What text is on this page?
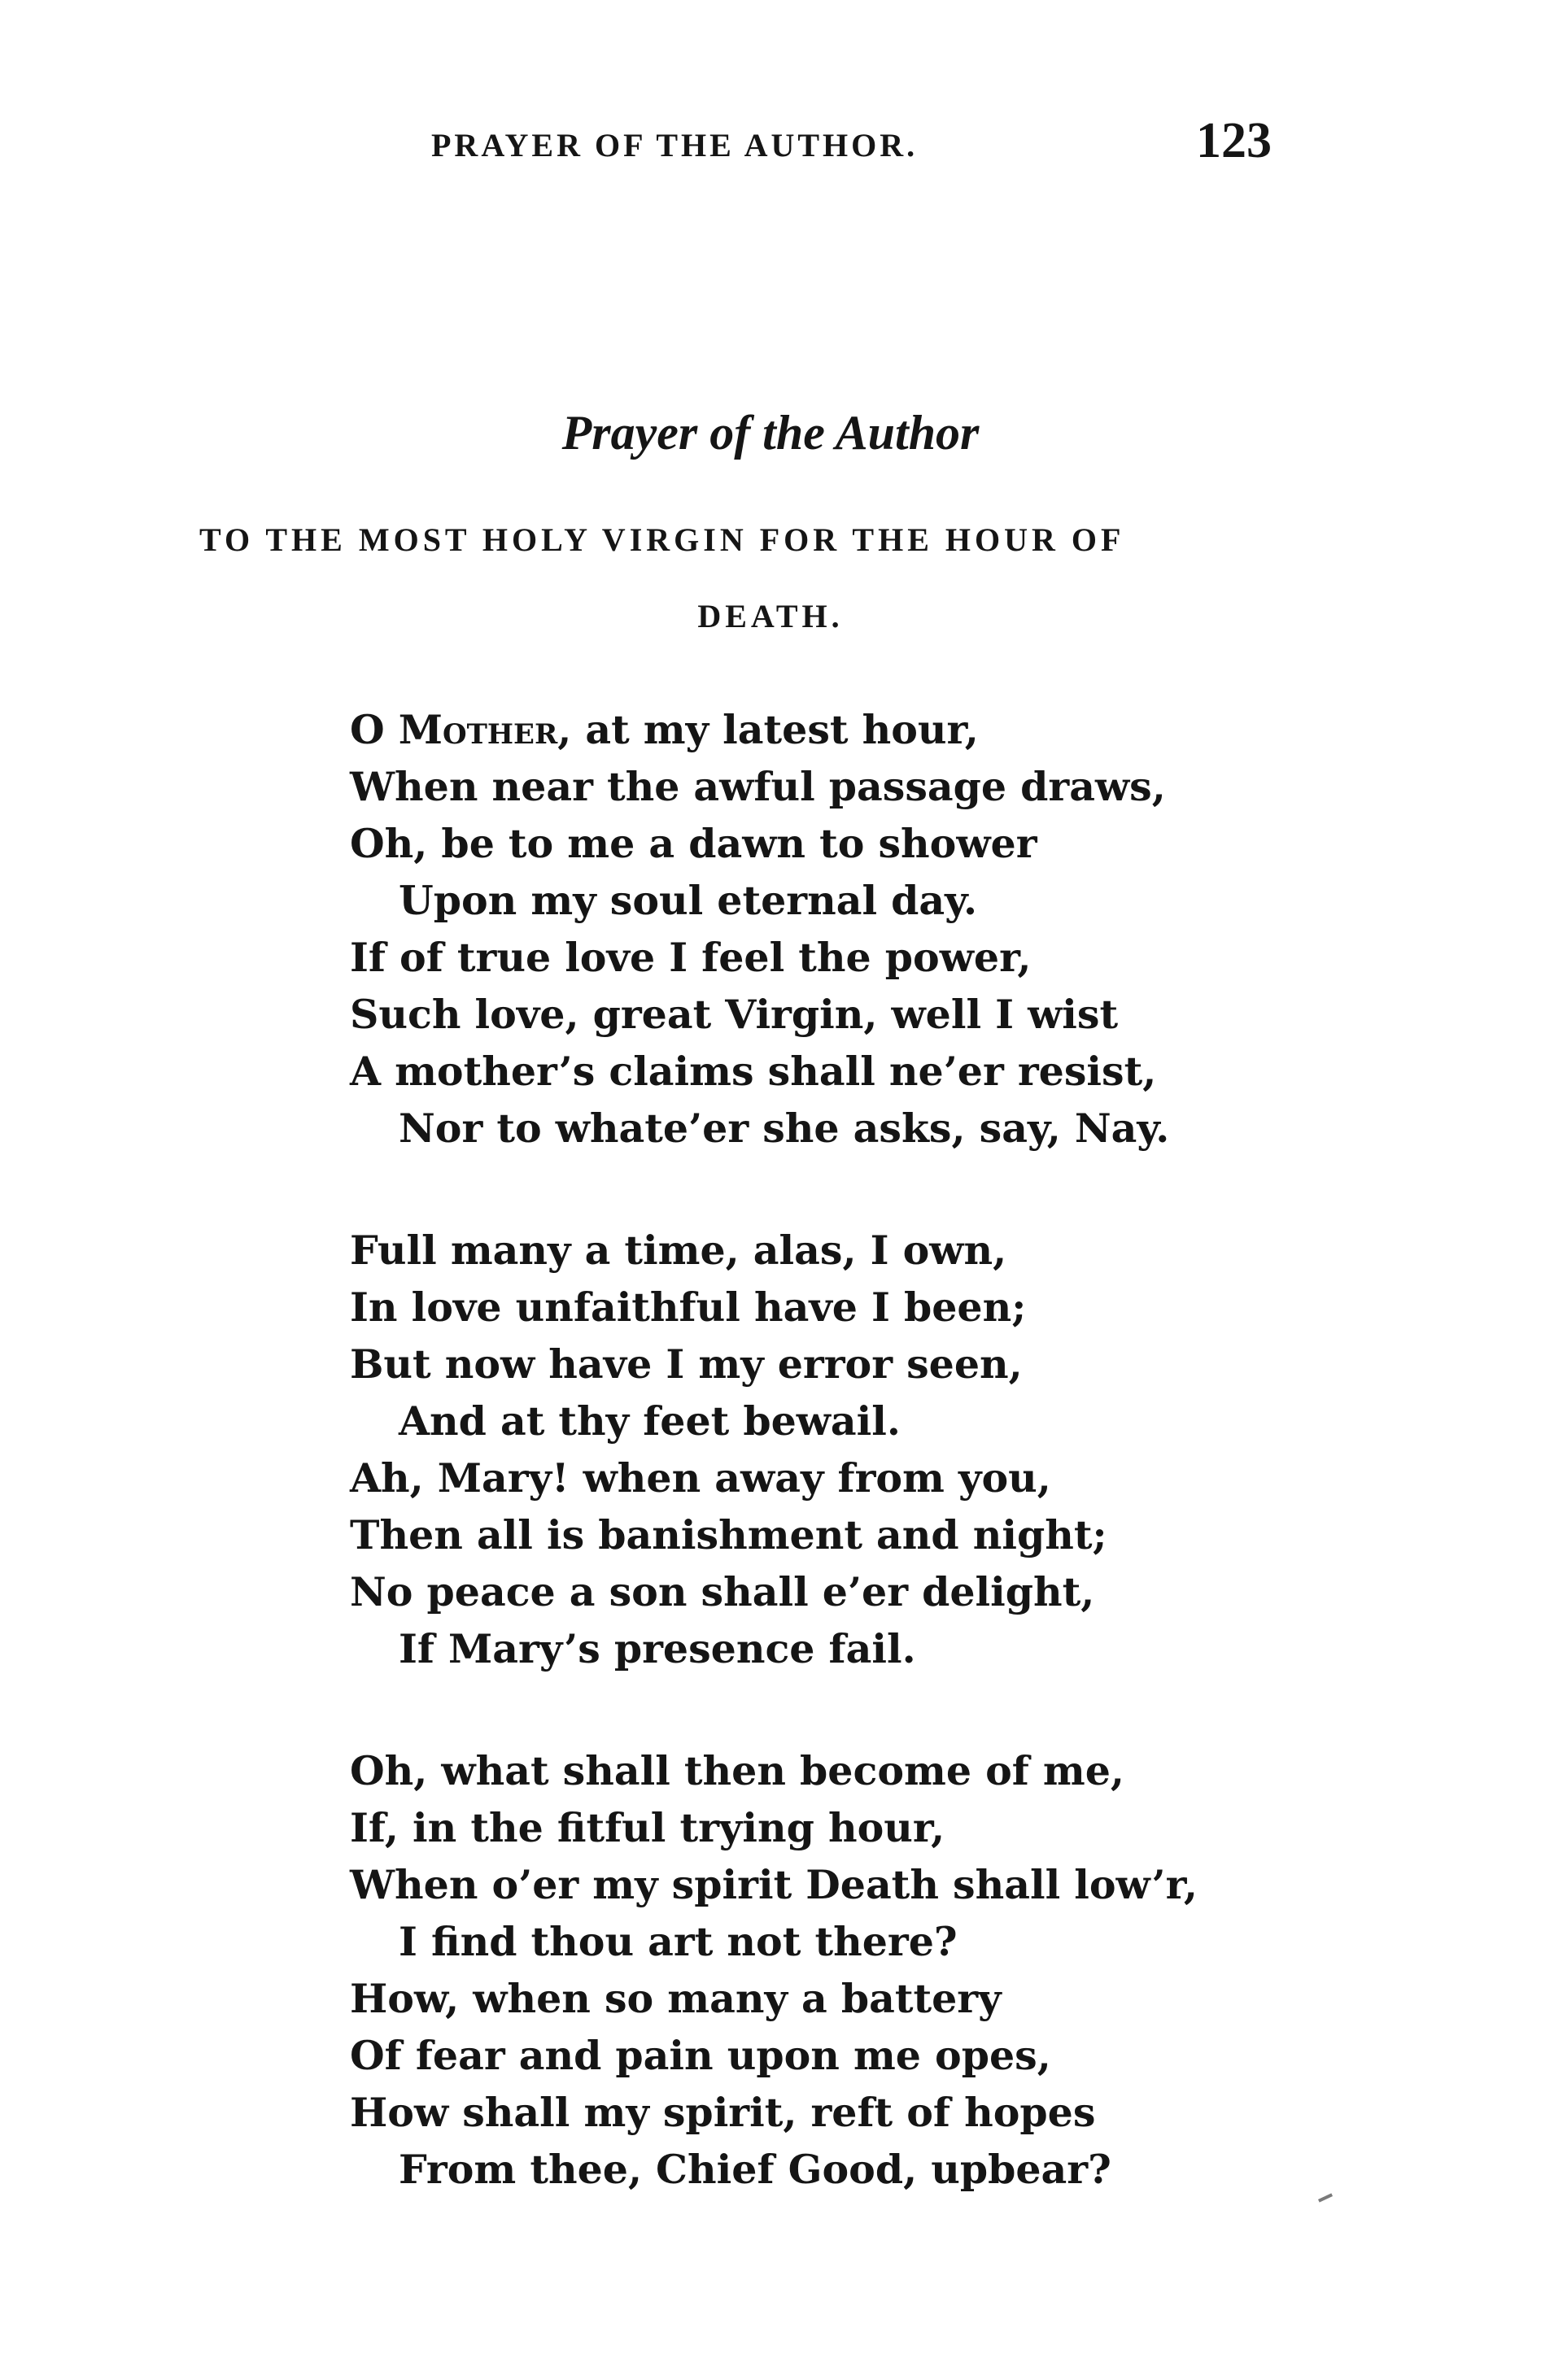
PRAYER OF THE AUTHOR.	123
Prayer of the Author
TO THE MOST HOLY VIRGIN FOR THE HOUR OF
DEATH.
O Mother, at my latest hour,
When near the awful passage draws,
Oh, be to me a dawn to shower
Upon my soul eternal day.
If of true love I feel the power,
Such love, great Virgin, well I wist
A mother’s claims shall ne’er resist,
Nor to whate’er she asks, say, Nay.
Full many a time, alas, I own,
In love unfaithful have I been;
But now have I my error seen,
And at thy feet bewail.
Ah, Mary! when away from you,
Then all is banishment and night;
No peace a son shall e’er delight,
If Mary’s presence fail.
Oh, what shall then become of me,
If, in the fitful trying hour,
When o’er my spirit Death shall low’r,
I find thou art not there?
How, when so many a battery
Of fear and pain upon me opes,
How shall my spirit, reft of hopes
From thee, Chief Good, upbear?
